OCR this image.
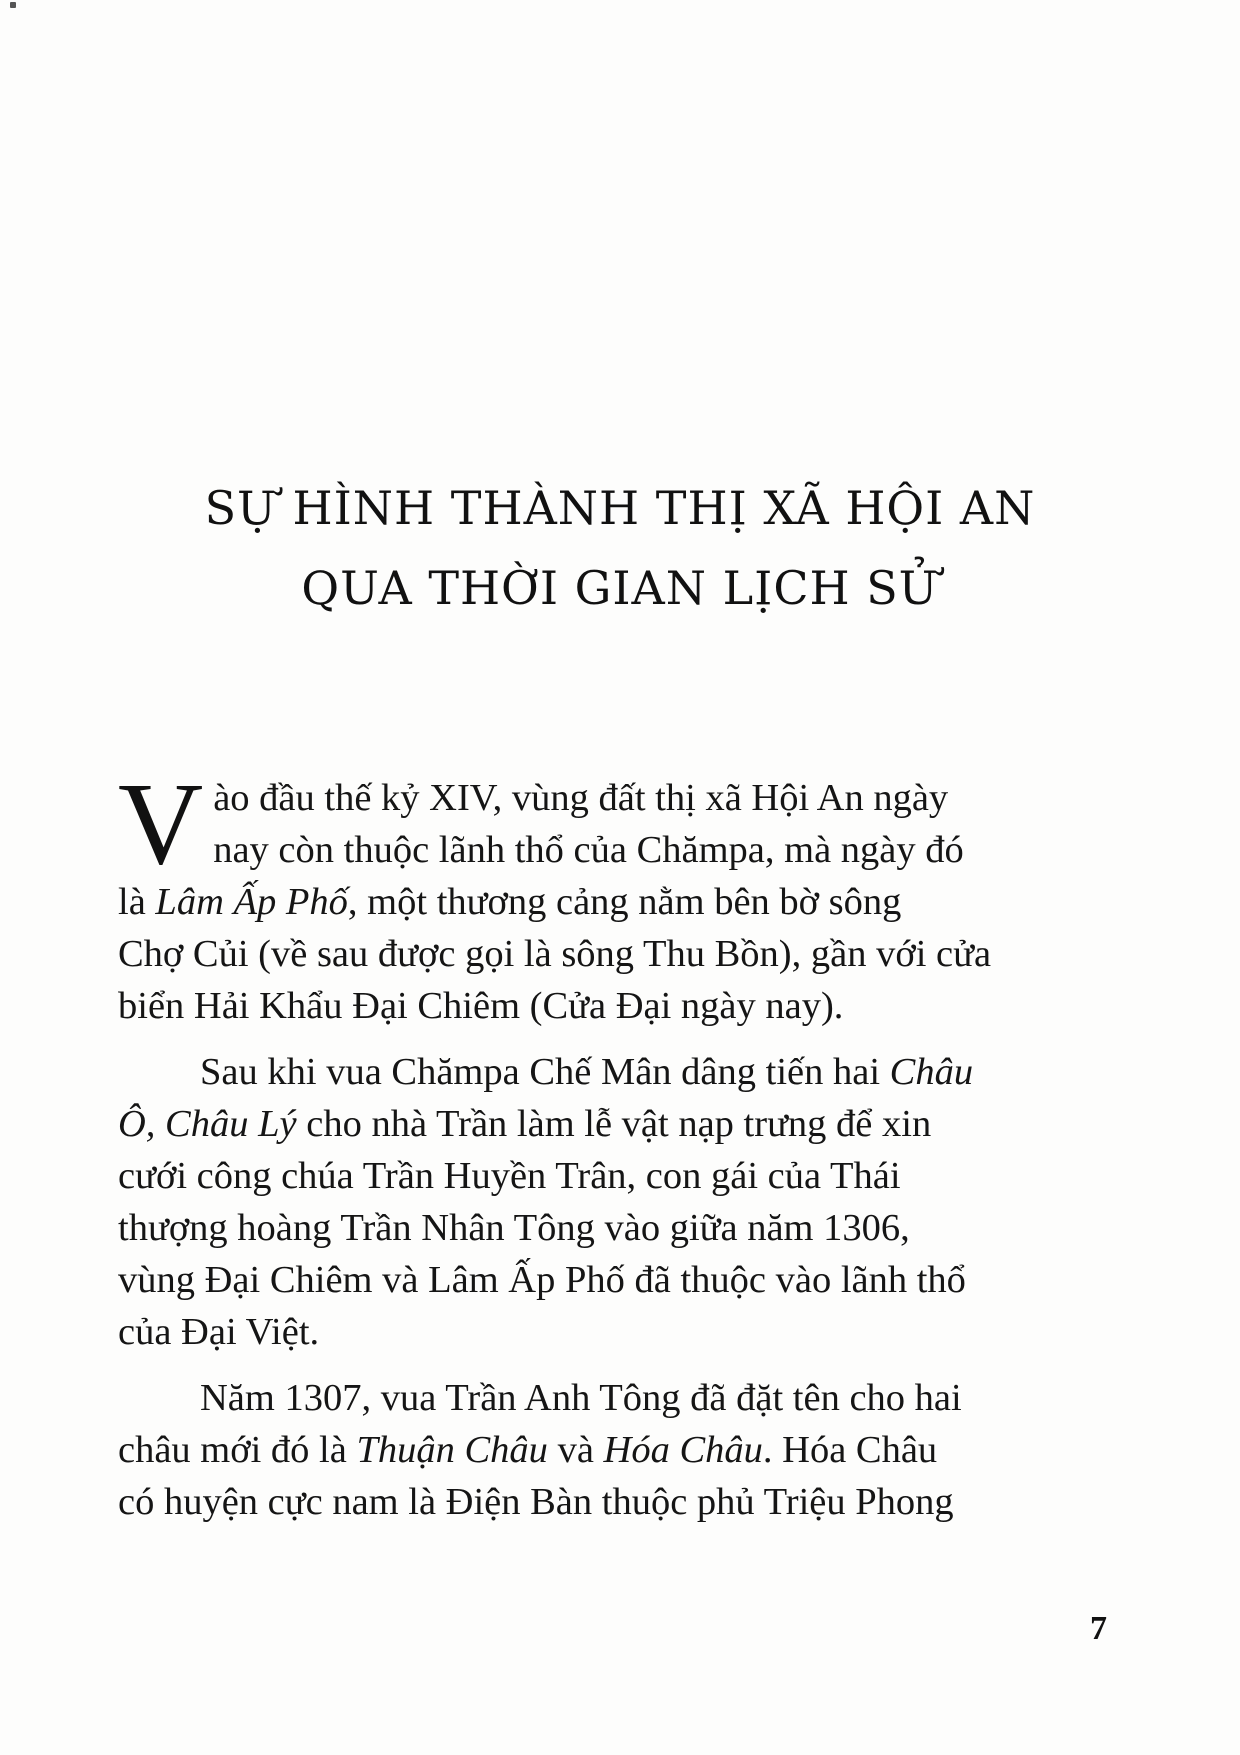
SỰ HÌNH THÀNH THỊ XÃ HỘI AN
QUA THỜI GIAN LỊCH SỬ

V ào đầu thế kỷ XIV, vùng đất thị xã Hội An ngày
nay còn thuộc lãnh thổ của Chămpa, mà ngày đó
là Lâm Ấp Phố, một thương cảng nằm bên bờ sông
Chợ Củi (về sau được gọi là sông Thu Bồn), gần với cửa
biển Hải Khẩu Đại Chiêm (Cửa Đại ngày nay).

Sau khi vua Chămpa Chế Mân dâng tiến hai Châu
Ô, Châu Lý cho nhà Trần làm lễ vật nạp trưng để xin
cưới công chúa Trần Huyền Trân, con gái của Thái
thượng hoàng Trần Nhân Tông vào giữa năm 1306,
vùng Đại Chiêm và Lâm Ấp Phố đã thuộc vào lãnh thổ
của Đại Việt.

Năm 1307, vua Trần Anh Tông đã đặt tên cho hai
châu mới đó là Thuận Châu và Hóa Châu. Hóa Châu
có huyện cực nam là Điện Bàn thuộc phủ Triệu Phong

7
